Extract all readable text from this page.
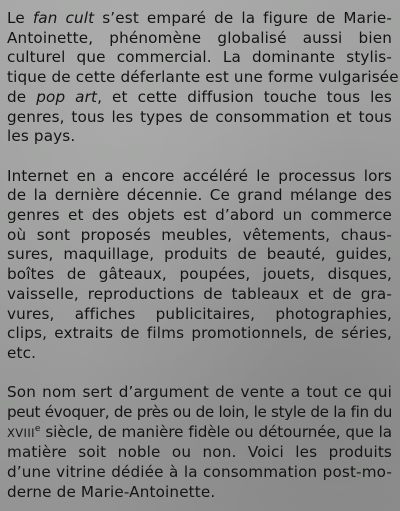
Le fan cult s’est emparé de la figure de Marie-
Antoinette, phénomène globalisé aussi bien
culturel que commercial. La dominante stylis-
tique de cette déferlante est une forme vulgarisée
de pop art, et cette diffusion touche tous les
genres, tous les types de consommation et tous
les pays.

Internet en a encore accéléré le processus lors
de la dernière décennie. Ce grand mélange des
genres et des objets est d’abord un commerce
où sont proposés meubles, vêtements, chaus-
sures, maquillage, produits de beauté, guides,
boîtes de gâteaux, poupées, jouets, disques,
vaisselle, reproductions de tableaux et de gra-
vures, affiches publicitaires, photographies,
clips, extraits de films promotionnels, de séries,
etc.

Son nom sert d’argument de vente a tout ce qui
peut évoquer, de près ou de loin, le style de la fin du
XVIIIe siècle, de manière fidèle ou détournée, que la
matière soit noble ou non. Voici les produits
d’une vitrine dédiée à la consommation post-mo-
derne de Marie-Antoinette.
